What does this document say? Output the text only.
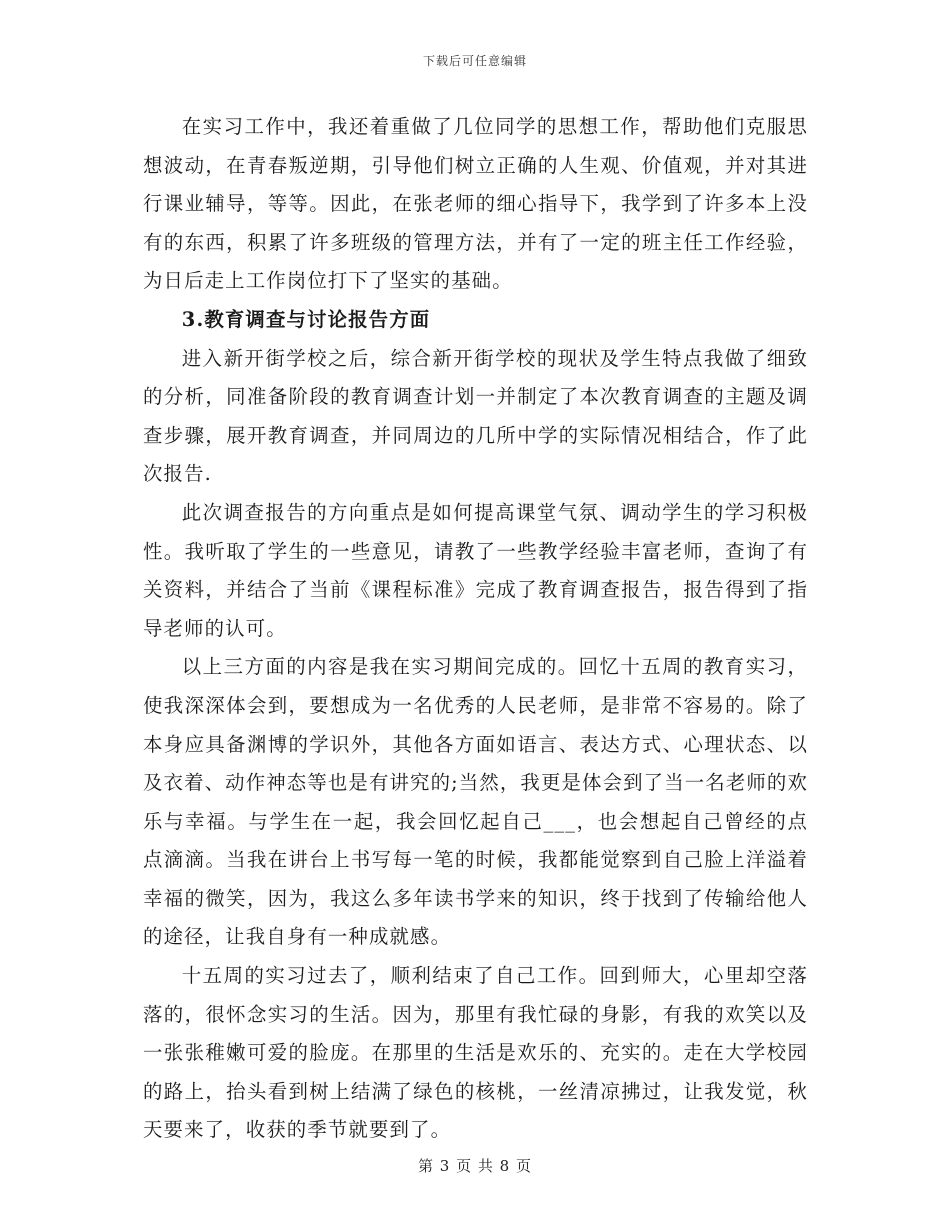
下载后可任意编辑

在实习工作中，我还着重做了几位同学的思想工作，帮助他们克服思想波动，在青春叛逆期，引导他们树立正确的人生观、价值观，并对其进行课业辅导，等等。因此，在张老师的细心指导下，我学到了许多本上没有的东西，积累了许多班级的管理方法，并有了一定的班主任工作经验，为日后走上工作岗位打下了坚实的基础。

3.教育调查与讨论报告方面

进入新开街学校之后，综合新开街学校的现状及学生特点我做了细致的分析，同准备阶段的教育调查计划一并制定了本次教育调查的主题及调查步骤，展开教育调查，并同周边的几所中学的实际情况相结合，作了此次报告.

此次调查报告的方向重点是如何提高课堂气氛、调动学生的学习积极性。我听取了学生的一些意见，请教了一些教学经验丰富老师，查询了有关资料，并结合了当前《课程标准》完成了教育调查报告，报告得到了指导老师的认可。

以上三方面的内容是我在实习期间完成的。回忆十五周的教育实习，使我深深体会到，要想成为一名优秀的人民老师，是非常不容易的。除了本身应具备渊博的学识外，其他各方面如语言、表达方式、心理状态、以及衣着、动作神态等也是有讲究的;当然，我更是体会到了当一名老师的欢乐与幸福。与学生在一起，我会回忆起自己___，也会想起自己曾经的点点滴滴。当我在讲台上书写每一笔的时候，我都能觉察到自己脸上洋溢着幸福的微笑，因为，我这么多年读书学来的知识，终于找到了传输给他人的途径，让我自身有一种成就感。

十五周的实习过去了，顺利结束了自己工作。回到师大，心里却空落落的，很怀念实习的生活。因为，那里有我忙碌的身影，有我的欢笑以及一张张稚嫩可爱的脸庞。在那里的生活是欢乐的、充实的。走在大学校园的路上，抬头看到树上结满了绿色的核桃，一丝清凉拂过，让我发觉，秋天要来了，收获的季节就要到了。

第 3 页 共 8 页
